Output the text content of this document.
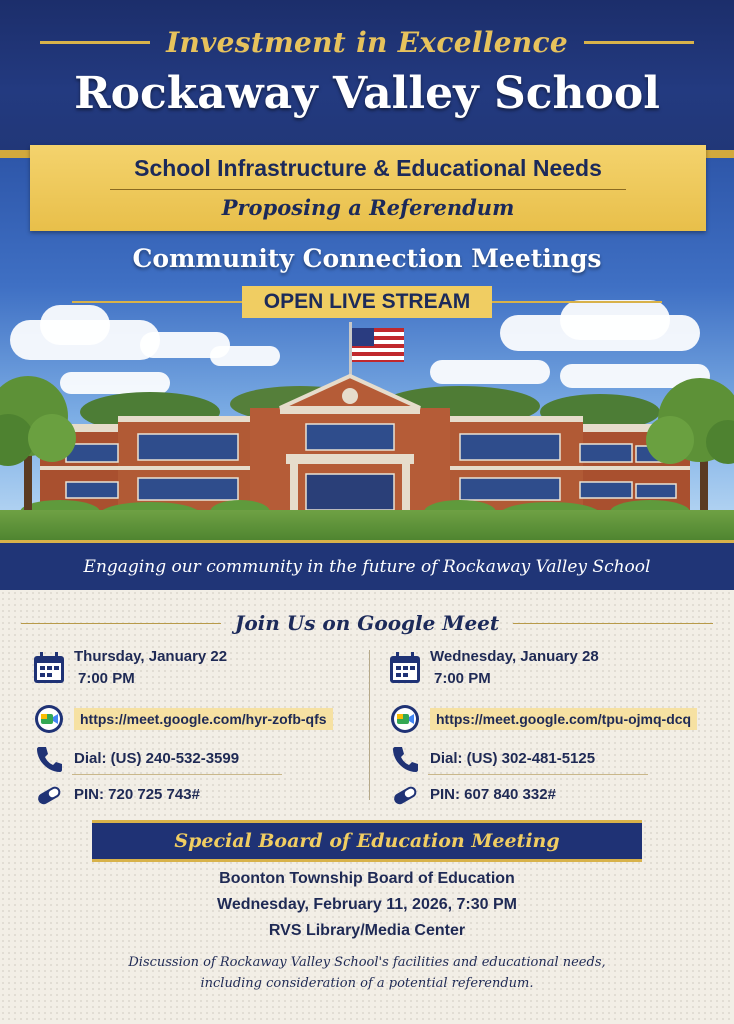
Investment in Excellence
Rockaway Valley School
School Infrastructure & Educational Needs
Proposing a Referendum
Community Connection Meetings
OPEN LIVE STREAM
Engaging our community in the future of Rockaway Valley School
Join Us on Google Meet
Thursday, January 22
7:00 PM
https://meet.google.com/hyr-zofb-qfs
Dial: (US) 240-532-3599
PIN: 720 725 743#
Wednesday, January 28
7:00 PM
https://meet.google.com/tpu-ojmq-dcq
Dial: (US) 302-481-5125
PIN: 607 840 332#
Special Board of Education Meeting
Boonton Township Board of Education
Wednesday, February 11, 2026, 7:30 PM
RVS Library/Media Center
Discussion of Rockaway Valley School's facilities and educational needs,
including consideration of a potential referendum.
